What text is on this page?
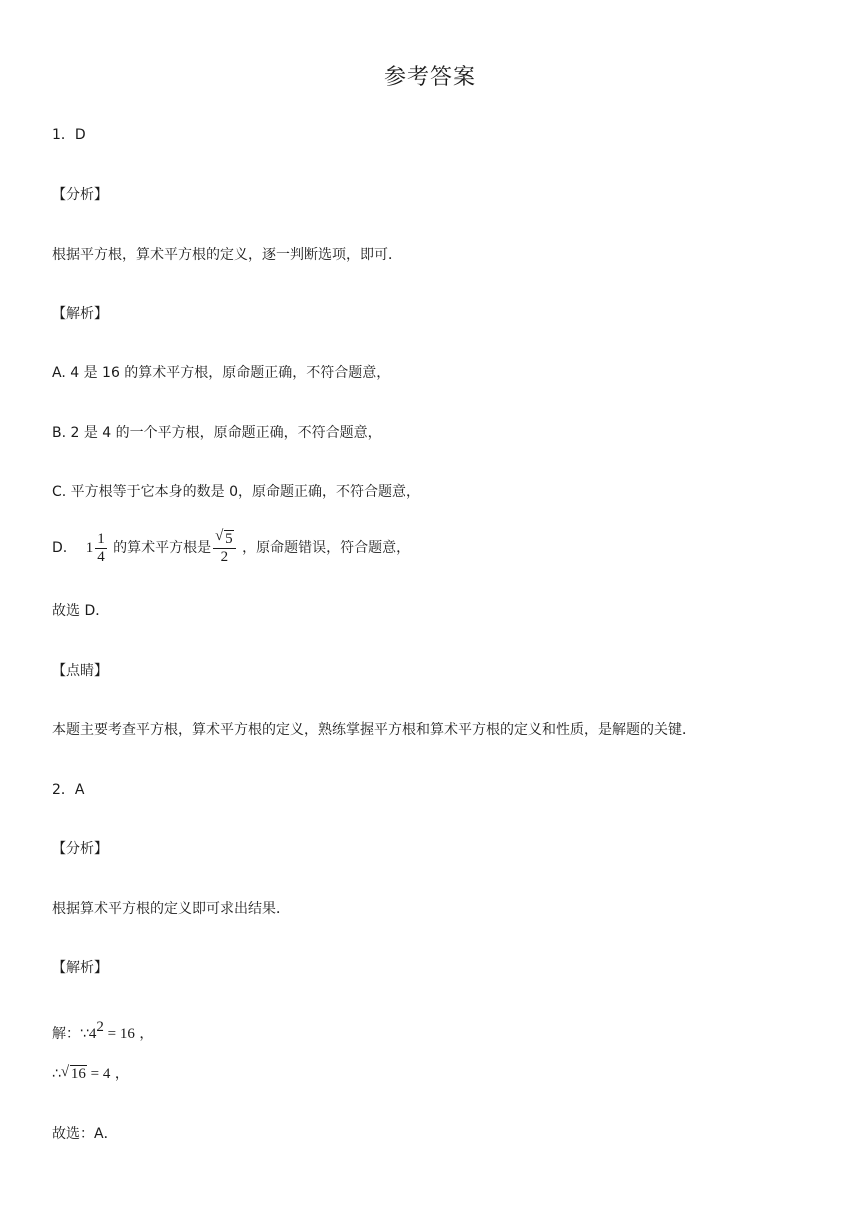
参考答案
1．D
【分析】
根据平方根，算术平方根的定义，逐一判断选项，即可．
【解析】
A. 4 是 16 的算术平方根，原命题正确，不符合题意，
B. 2 是 4 的一个平方根，原命题正确，不符合题意，
C. 平方根等于它本身的数是 0，原命题正确，不符合题意，
D. $1 \frac{1}{4}$ 的算术平方根是 $\frac{√ 5}{2}$ ，原命题错误，符合题意，
故选 D．
【点睛】
本题主要考查平方根，算术平方根的定义，熟练掌握平方根和算术平方根的定义和性质，是解题的关键．
2．A
【分析】
根据算术平方根的定义即可求出结果．
【解析】
解：$\because 4^2 = 16$ ，
∴ √ 16 = 4 ，
故选：A．
